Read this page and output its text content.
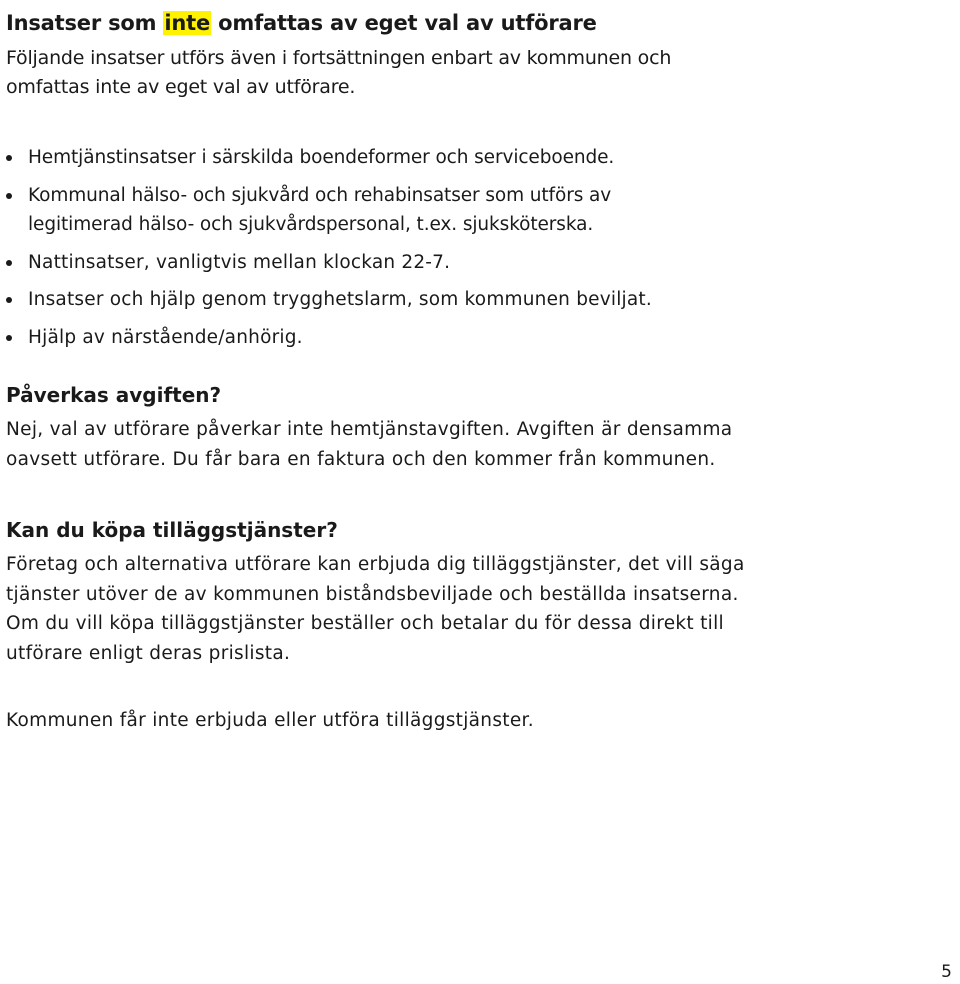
Insatser som inte omfattas av eget val av utförare

Följande insatser utförs även i fortsättningen enbart av kommunen och omfattas inte av eget val av utförare.

Hemtjänstinsatser i särskilda boendeformer och serviceboende.
Kommunal hälso- och sjukvård och rehabinsatser som utförs av legitimerad hälso- och sjukvårdspersonal, t.ex. sjuksköterska.
Nattinsatser, vanligtvis mellan klockan 22-7.
Insatser och hjälp genom trygghetslarm, som kommunen beviljat.
Hjälp av närstående/anhörig.
Påverkas avgiften?

Nej, val av utförare påverkar inte hemtjänstavgiften. Avgiften är densamma oavsett utförare. Du får bara en faktura och den kommer från kommunen.

Kan du köpa tilläggstjänster?

Företag och alternativa utförare kan erbjuda dig tilläggstjänster, det vill säga tjänster utöver de av kommunen biståndsbeviljade och beställda insatserna. Om du vill köpa tilläggstjänster beställer och betalar du för dessa direkt till utförare enligt deras prislista.

Kommunen får inte erbjuda eller utföra tilläggstjänster.

5
